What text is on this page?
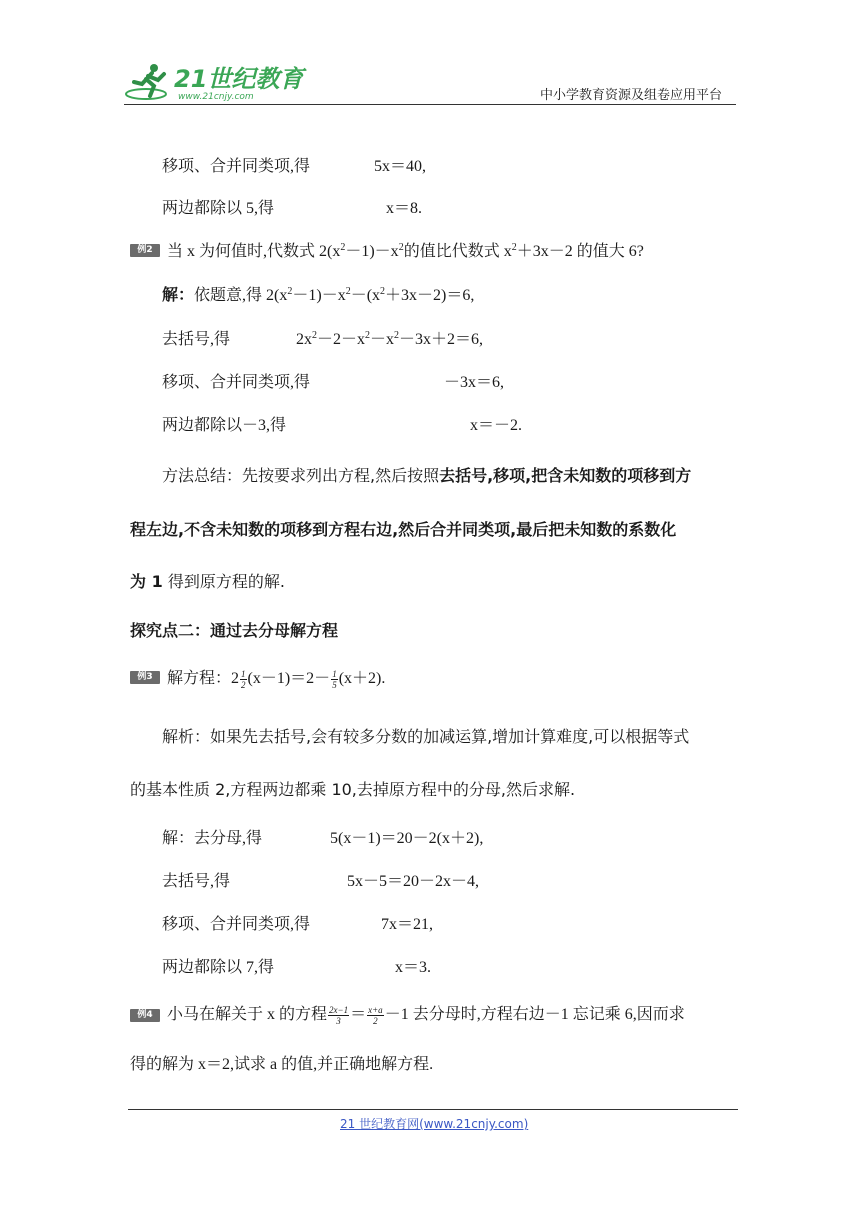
21世纪教育
www.21cnjy.com	中小学教育资源及组卷应用平台
移项、合并同类项,得	5x＝40,
两边都除以 5,得	x＝8.
例2 当 x 为何值时,代数式 $2(x^2-1)-x^2$的值比代数式 $x^2+3x-2$ 的值大 6?
解：依题意,得 $2(x^2-1)-x^2-(x^2+3x-2)=6$,
去括号,得	$2x^2-2-x^2-x^2-3x+2=6$,
移项、合并同类项,得	－3x＝6,
两边都除以－3,得	x＝－2.
方法总结：先按要求列出方程,然后按照去括号,移项,把含未知数的项移到方
程左边,不含未知数的项移到方程右边,然后合并同类项,最后把未知数的系数化
为 1 得到原方程的解.
探究点二：通过去分母解方程
例3 解方程：$2 \frac{1}{2} (x-1)=2- \frac{1}{5} (x+2)$.
解析：如果先去括号,会有较多分数的加减运算,增加计算难度,可以根据等式
的基本性质 2,方程两边都乘 10,去掉原方程中的分母,然后求解.
解：去分母,得	5(x－1)＝20－2(x＋2),
去括号,得	5x－5＝20－2x－4,
移项、合并同类项,得	7x＝21,
两边都除以 7,得	x＝3.
例4 小马在解关于 x 的方程 $\frac{2x-1}{3} = \frac{x+a}{2} -1$ 去分母时,方程右边－1 忘记乘 6,因而求
得的解为 x＝2,试求 a 的值,并正确地解方程.
21 世纪教育网(www.21cnjy.com)
